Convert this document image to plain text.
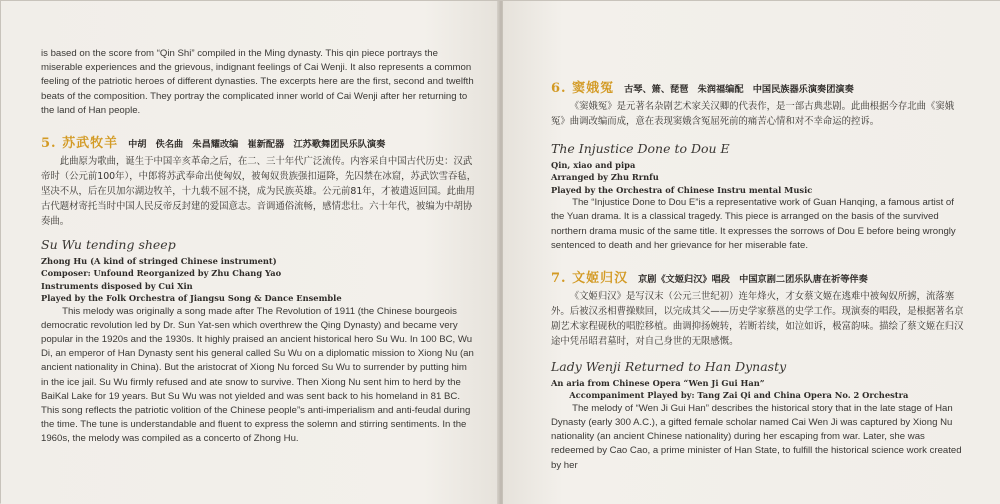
is based on the score from “Qin Shi” compiled in the Ming dynasty. This qin piece portrays the miserable experiences and the grievous, indignant feelings of Cai Wenji. It also represents a common feeling of the patriotic heroes of different dynasties. The excerpts here are the first, second and twelfth beats of the composition. They portray the complicated inner world of Cai Wenji after her returning to the land of Han people.

5. 苏武牧羊 中胡　佚名曲　朱昌耀改编　崔新配器　江苏歌舞团民乐队演奏

此曲原为歌曲，诞生于中国辛亥革命之后，在二、三十年代广泛流传。内容采自中国古代历史：汉武帝时（公元前100年），中郎将苏武奉命出使匈奴，被匈奴贵族强扣逼降，先囚禁在冰窟，苏武饮雪吞毡，坚决不从，后在贝加尔湖边牧羊，十九载不屈不挠，成为民族英雄。公元前81年，才被遣返回国。此曲用古代题材寄托当时中国人民反帝反封建的爱国意志。音调通俗流畅，感情悲壮。六十年代，被编为中胡协奏曲。

Su Wu tending sheep
Zhong Hu (A kind of stringed Chinese instrument)
Composer: Unfound Reorganized by Zhu Chang Yao
Instruments disposed by Cui Xin
Played by the Folk Orchestra of Jiangsu Song & Dance Ensemble

This melody was originally a song made after The Revolution of 1911 (the Chinese bourgeois democratic revolution led by Dr. Sun Yat-sen which overthrew the Qing Dynasty) and became very popular in the 1920s and the 1930s. It highly praised an ancient historical hero Su Wu. In 100 BC, Wu Di, an emperor of Han Dynasty sent his general called Su Wu on a diplomatic mission to Xiong Nu (an ancient nationality in China). But the aristocrat of Xiong Nu forced Su Wu to surrender by putting him in the ice jail. Su Wu firmly refused and ate snow to survive. Then Xiong Nu sent him to herd by the BaiKal Lake for 19 years. But Su Wu was not yielded and was sent back to his homeland in 81 BC. This song reflects the patriotic volition of the Chinese people”s anti-imperialism and anti-feudal during the time. The tune is understandable and fluent to express the solemn and stirring sentiments. In the 1960s, the melody was compiled as a concerto of Zhong Hu.

6. 窦娥冤 古琴、箫、琵琶　朱润福编配　中国民族器乐演奏团演奏

《窦娥冤》是元著名杂剧艺术家关汉卿的代表作，是一部古典悲剧。此曲根据今存北曲《窦娥冤》曲调改编而成，意在表现窦娥含冤屈死前的痛苦心情和对不幸命运的控诉。

The Injustice Done to Dou E
Qin, xiao and pipa
Arranged by Zhu Rrnfu
Played by the Orchestra of Chinese Instru mental Music

The “Injustice Done to Dou E”is a representative work of Guan Hanqing, a famous artist of the Yuan drama. It is a classical tragedy. This piece is arranged on the basis of the survived northern drama music of the same title. It expresses the sorrows of Dou E before being wrongly sentenced to death and her grievance for her miserable fate.

7. 文姬归汉 京剧《文姬归汉》唱段　中国京剧二团乐队唐在祈等伴奏

《文姬归汉》是写汉末（公元三世纪初）连年烽火，才女蔡文姬在逃难中被匈奴所掳，流落塞外。后被汉丞相曹操赎回，以完成其父——历史学家蔡邕的史学工作。现演奏的唱段，是根据著名京剧艺术家程砚秋的唱腔移植。曲调抑扬婉转，若断若续，如泣如诉，极富韵味。描绘了蔡文姬在归汉途中凭吊昭君墓时，对自己身世的无限感慨。

Lady Wenji Returned to Han Dynasty
An aria from Chinese Opera “Wen Ji Gui Han”
Accompaniment Played by: Tang Zai Qi and China Opera No. 2 Orchestra

The melody of “Wen Ji Gui Han” describes the historical story that in the late stage of Han Dynasty (early 300 A.C.), a gifted female scholar named Cai Wen Ji was captured by Xiong Nu nationality (an ancient Chinese nationality) during her escaping from war. Later, she was redeemed by Cao Cao, a prime minister of Han State, to fulfill the historical science work created by her
